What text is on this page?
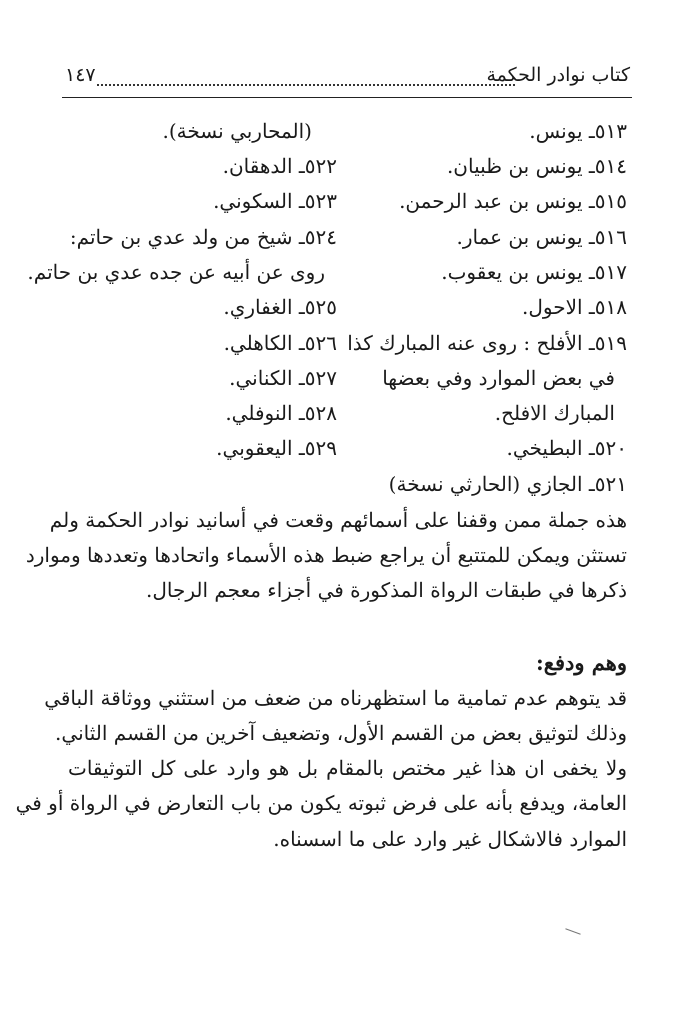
كتاب نوادر الحكمة
١٤٧
٥١٣ـ يونس.
٥١٤ـ يونس بن ظبيان.
٥١٥ـ يونس بن عبد الرحمن.
٥١٦ـ يونس بن عمار.
٥١٧ـ يونس بن يعقوب.
٥١٨ـ الاحول.
٥١٩ـ الأفلح : روى عنه المبارك كذا
في بعض الموارد وفي بعضها
المبارك الافلح.
٥٢٠ـ البطيخي.
٥٢١ـ الجازي (الحارثي نسخة)
(المحاربي نسخة).
٥٢٢ـ الدهقان.
٥٢٣ـ السكوني.
٥٢٤ـ شيخ من ولد عدي بن حاتم:
روى عن أبيه عن جده عدي بن حاتم.
٥٢٥ـ الغفاري.
٥٢٦ـ الكاهلي.
٥٢٧ـ الكناني.
٥٢٨ـ النوفلي.
٥٢٩ـ اليعقوبي.
هذه جملة ممن وقفنا على أسمائهم وقعت في أسانيد نوادر الحكمة ولم
تستثن ويمكن للمتتبع أن يراجع ضبط هذه الأسماء واتحادها وتعددها وموارد
ذكرها في طبقات الرواة المذكورة في أجزاء معجم الرجال.
وهم ودفع:
قد يتوهم عدم تمامية ما استظهرناه من ضعف من استثني ووثاقة الباقي
وذلك لتوثيق بعض من القسم الأول، وتضعيف آخرين من القسم الثاني.
ولا يخفى ان هذا غير مختص بالمقام بل هو وارد على كل التوثيقات
العامة، ويدفع بأنه على فرض ثبوته يكون من باب التعارض في الرواة أو في
الموارد فالاشكال غير وارد على ما اسسناه.
